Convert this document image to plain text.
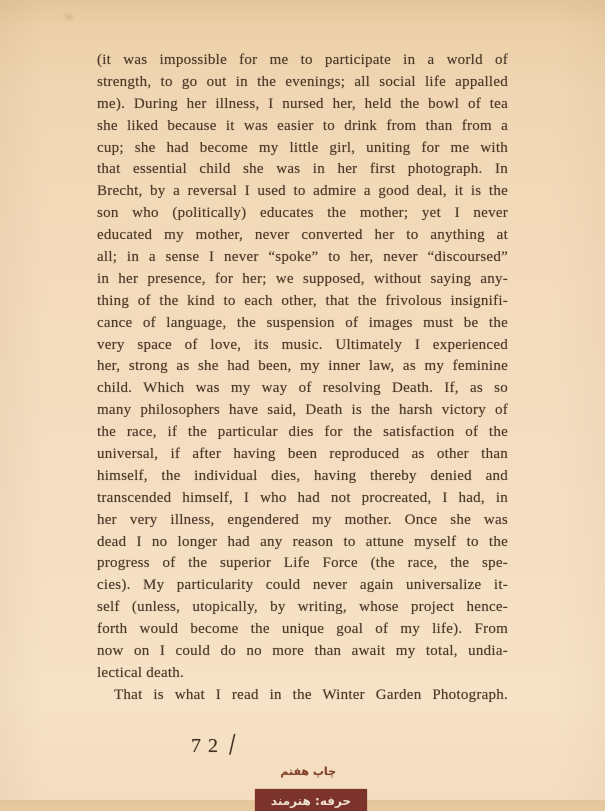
(it was impossible for me to participate in a world of
strength, to go out in the evenings; all social life appalled
me). During her illness, I nursed her, held the bowl of tea
she liked because it was easier to drink from than from a
cup; she had become my little girl, uniting for me with
that essential child she was in her first photograph. In
Brecht, by a reversal I used to admire a good deal, it is the
son who (politically) educates the mother; yet I never
educated my mother, never converted her to anything at
all; in a sense I never “spoke” to her, never “discoursed”
in her presence, for her; we supposed, without saying any-
thing of the kind to each other, that the frivolous insignifi-
cance of language, the suspension of images must be the
very space of love, its music. Ultimately I experienced
her, strong as she had been, my inner law, as my feminine
child. Which was my way of resolving Death. If, as so
many philosophers have said, Death is the harsh victory of
the race, if the particular dies for the satisfaction of the
universal, if after having been reproduced as other than
himself, the individual dies, having thereby denied and
transcended himself, I who had not procreated, I had, in
her very illness, engendered my mother. Once she was
dead I no longer had any reason to attune myself to the
progress of the superior Life Force (the race, the spe-
cies). My particularity could never again universalize it-
self (unless, utopically, by writing, whose project hence-
forth would become the unique goal of my life). From
now on I could do no more than await my total, undia-
lectical death.
That is what I read in the Winter Garden Photograph.
72/
چاپ هفتم
حرفه: هنرمند
